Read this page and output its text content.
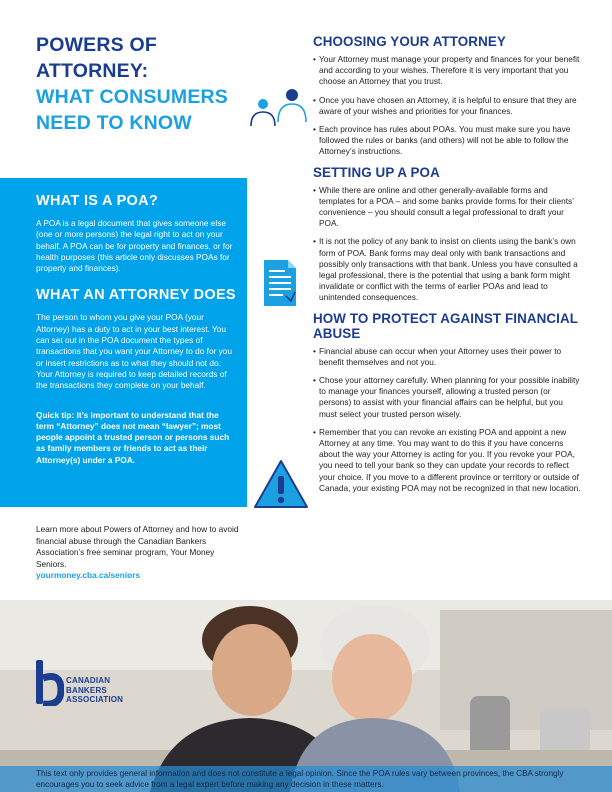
POWERS OF ATTORNEY:
WHAT CONSUMERS NEED TO KNOW
WHAT IS A POA?

A POA is a legal document that gives someone else (one or more persons) the legal right to act on your behalf. A POA can be for property and finances, or for health purposes (this article only discusses POAs for property and finances).

WHAT AN ATTORNEY DOES

The person to whom you give your POA (your Attorney) has a duty to act in your best interest. You can set out in the POA document the types of transactions that you want your Attorney to do for you or insert restrictions as to what they should not do. Your Attorney is required to keep detailed records of the transactions they complete on your behalf.

Quick tip: It’s important to understand that the term “Attorney” does not mean “lawyer”; most people appoint a trusted person or persons such as family members or friends to act as their Attorney(s) under a POA.

Learn more about Powers of Attorney and how to avoid financial abuse through the Canadian Bankers Association’s free seminar program, Your Money Seniors.
yourmoney.cba.ca/seniors
CHOOSING YOUR ATTORNEY
• Your Attorney must manage your property and finances for your benefit and according to your wishes. Therefore it is very important that you choose an Attorney that you trust.
• Once you have chosen an Attorney, it is helpful to ensure that they are aware of your wishes and priorities for your finances.
• Each province has rules about POAs. You must make sure you have followed the rules or banks (and others) will not be able to follow the Attorney’s instructions.
SETTING UP A POA
• While there are online and other generally-available forms and templates for a POA – and some banks provide forms for their clients’ convenience – you should consult a legal professional to draft your POA.
• It is not the policy of any bank to insist on clients using the bank’s own form of POA. Bank forms may deal only with bank transactions and possibly only transactions with that bank. Unless you have consulted a legal professional, there is the potential that using a bank form might invalidate or conflict with the terms of earlier POAs and lead to unintended consequences.
HOW TO PROTECT AGAINST FINANCIAL ABUSE
• Financial abuse can occur when your Attorney uses their power to benefit themselves and not you.
• Chose your attorney carefully. When planning for your possible inability to manage your finances yourself, allowing a trusted person (or persons) to assist with your financial affairs can be helpful, but you must select your trusted person wisely.
• Remember that you can revoke an existing POA and appoint a new Attorney at any time. You may want to do this if you have concerns about the way your Attorney is acting for you. If you revoke your POA, you need to tell your bank so they can update your records to reflect your choice. If you move to a different province or territory or outside of Canada, your existing POA may not be recognized in that new location.
CANADIAN
BANKERS
ASSOCIATION
This text only provides general information and does not constitute a legal opinion. Since the POA rules vary between provinces, the CBA strongly encourages you to seek advice from a legal expert before making any decision in these matters.
